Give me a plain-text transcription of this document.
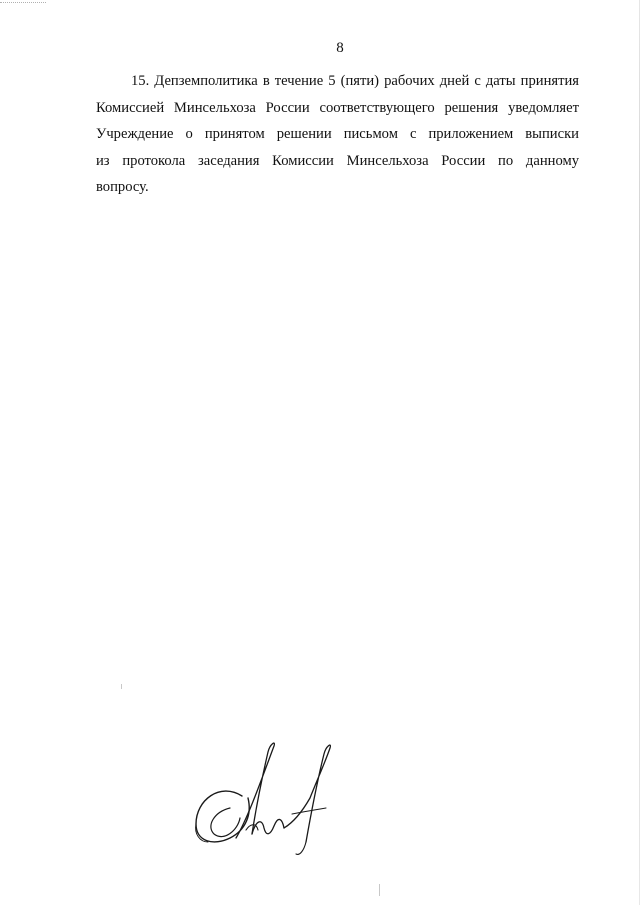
8
15. Депземполитика в течение 5 (пяти) рабочих дней с даты принятия
Комиссией Минсельхоза России соответствующего решения уведомляет
Учреждение о принятом решении письмом с приложением выписки
из протокола заседания Комиссии Минсельхоза России по данному
вопросу.
